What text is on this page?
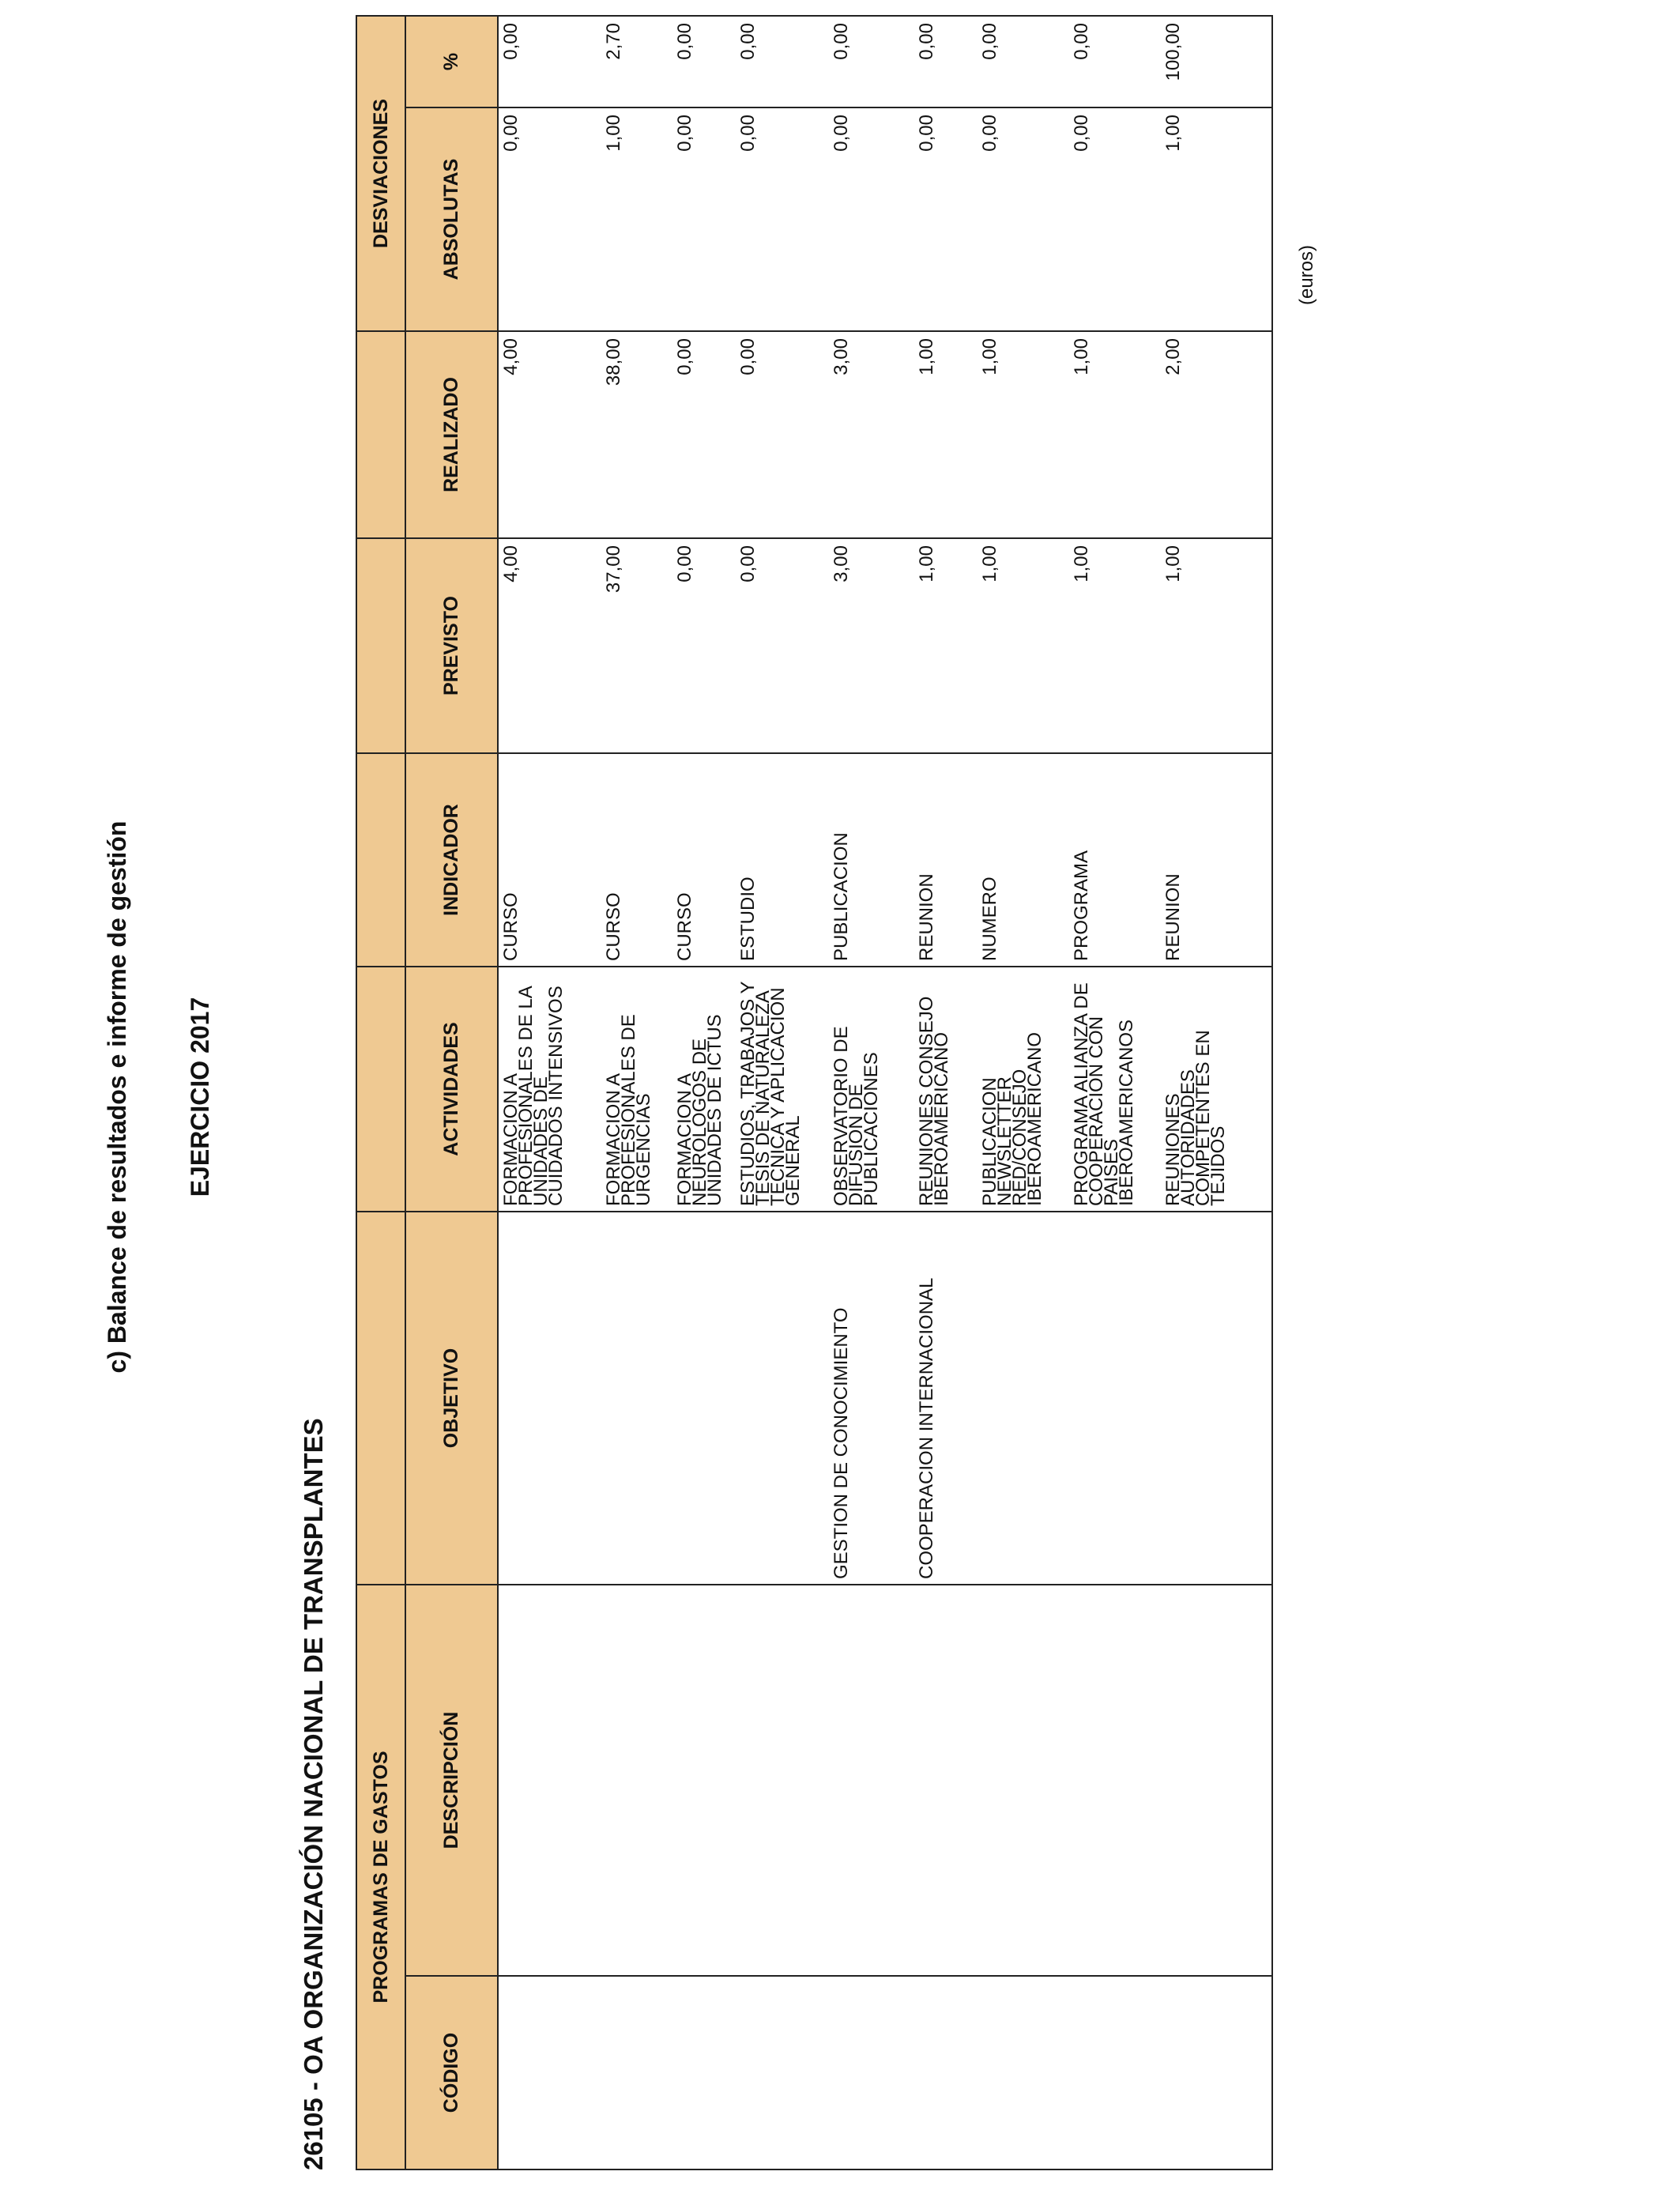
c) Balance de resultados e informe de gestión EJERCICIO 2017
26105 - OA ORGANIZACIÓN NACIONAL DE TRANSPLANTES
(euros)
PROGRAMAS DE GASTOS							DESVIACIONES	
CÓDIGO	DESCRIPCIÓN	OBJETIVO	ACTIVIDADES	INDICADOR	PREVISTO	REALIZADO	ABSOLUTAS	%
			FORMACION A PROFESIONALES DE LA UNIDADES DE CUIDADOS INTENSIVOS	CURSO	4,00	4,00	0,00	0,00
			FORMACION A PROFESIONALES DE URGENCIAS	CURSO	37,00	38,00	1,00	2,70
			FORMACION A NEUROLOGOS DE UNIDADES DE ICTUS	CURSO	0,00	0,00	0,00	0,00
			ESTUDIOS, TRABAJOS Y TESIS DE NATURALEZA TECNICA Y APLICACION GENERAL	ESTUDIO	0,00	0,00	0,00	0,00
		GESTION DE CONOCIMIENTO	OBSERVATORIO DE DIFUSION DE PUBLICACIONES	PUBLICACION	3,00	3,00	0,00	0,00
		COOPERACION INTERNACIONAL	REUNIONES CONSEJO IBEROAMERICANO	REUNION	1,00	1,00	0,00	0,00
			PUBLICACION NEWSLETTER RED/CONSEJO IBEROAMERICANO	NUMERO	1,00	1,00	0,00	0,00
			PROGRAMA ALIANZA DE COOPERACION CON PAISES IBEROAMERICANOS	PROGRAMA	1,00	1,00	0,00	0,00
			REUNIONES AUTORIDADES COMPETENTES EN TEJIDOS	REUNION	1,00	2,00	1,00	100,00
